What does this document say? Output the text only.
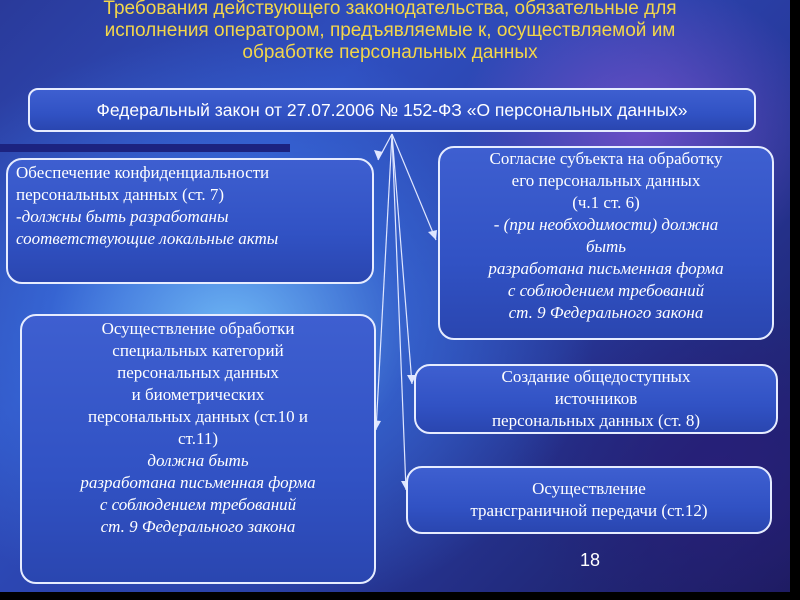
Требования действующего законодательства, обязательные для
исполнения оператором, предъявляемые к, осуществляемой им
обработке персональных данных
Федеральный закон от 27.07.2006 № 152-ФЗ «О персональных данных»
Обеспечение конфиденциальности
персональных данных (ст. 7)
-должны быть разработаны
соответствующие локальные акты
Согласие субъекта на обработку
его персональных данных
(ч.1 ст. 6)
- (при необходимости) должна
быть
разработана письменная форма
с соблюдением требований
ст. 9 Федерального закона
Осуществление обработки
специальных категорий
персональных данных
и биометрических
персональных данных (ст.10 и
ст.11)
должна быть
разработана письменная форма
с соблюдением требований
ст. 9 Федерального закона
Создание общедоступных
источников
персональных данных (ст. 8)
Осуществление
трансграничной передачи (ст.12)
18
